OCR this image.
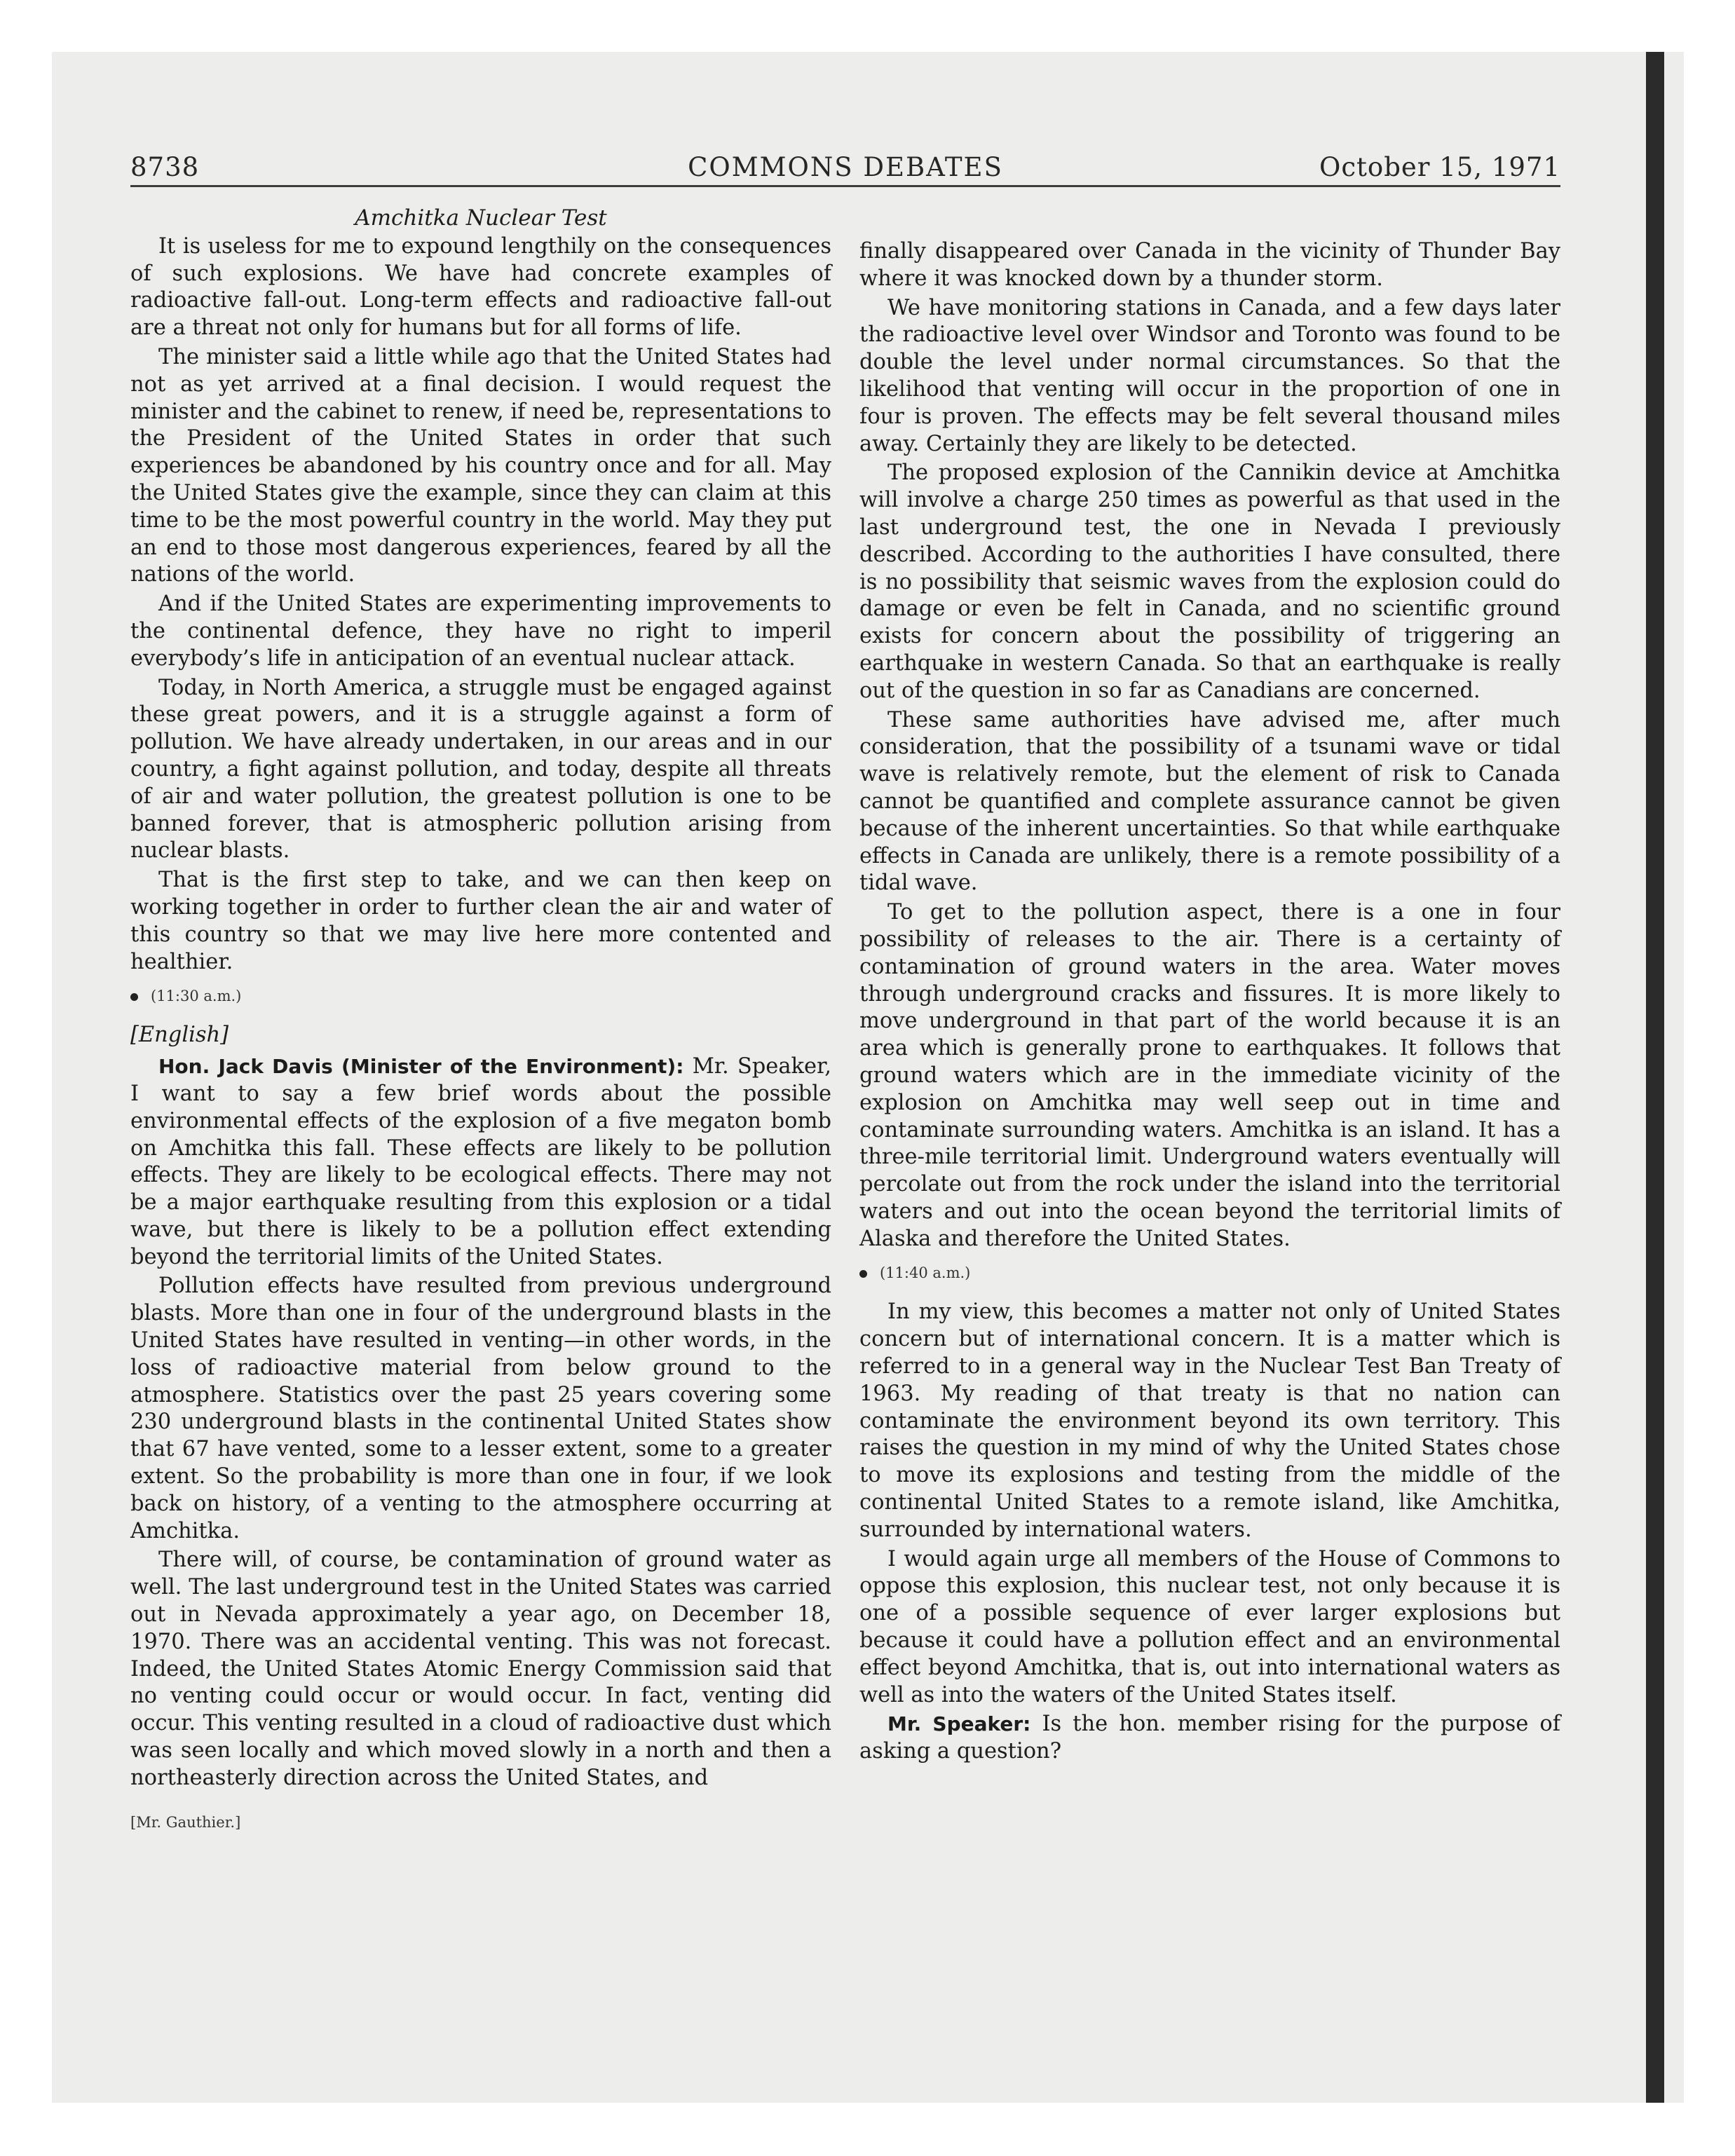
8738	COMMONS DEBATES	October 15, 1971

Amchitka Nuclear Test

It is useless for me to expound lengthily on the consequences of such explosions. We have had concrete examples of radioactive fall-out. Long-term effects and radioactive fall-out are a threat not only for humans but for all forms of life.

The minister said a little while ago that the United States had not as yet arrived at a final decision. I would request the minister and the cabinet to renew, if need be, representations to the President of the United States in order that such experiences be abandoned by his country once and for all. May the United States give the example, since they can claim at this time to be the most powerful country in the world. May they put an end to those most dangerous experiences, feared by all the nations of the world.

And if the United States are experimenting improvements to the continental defence, they have no right to imperil everybody’s life in anticipation of an eventual nuclear attack.

Today, in North America, a struggle must be engaged against these great powers, and it is a struggle against a form of pollution. We have already undertaken, in our areas and in our country, a fight against pollution, and today, despite all threats of air and water pollution, the greatest pollution is one to be banned forever, that is atmospheric pollution arising from nuclear blasts.

That is the first step to take, and we can then keep on working together in order to further clean the air and water of this country so that we may live here more contented and healthier.

(11:30 a.m.)

[English]

Hon. Jack Davis (Minister of the Environment): Mr. Speaker, I want to say a few brief words about the possible environmental effects of the explosion of a five megaton bomb on Amchitka this fall. These effects are likely to be pollution effects. They are likely to be ecological effects. There may not be a major earthquake resulting from this explosion or a tidal wave, but there is likely to be a pollution effect extending beyond the territorial limits of the United States.

Pollution effects have resulted from previous underground blasts. More than one in four of the underground blasts in the United States have resulted in venting—in other words, in the loss of radioactive material from below ground to the atmosphere. Statistics over the past 25 years covering some 230 underground blasts in the continental United States show that 67 have vented, some to a lesser extent, some to a greater extent. So the probability is more than one in four, if we look back on history, of a venting to the atmosphere occurring at Amchitka.

There will, of course, be contamination of ground water as well. The last underground test in the United States was carried out in Nevada approximately a year ago, on December 18, 1970. There was an accidental venting. This was not forecast. Indeed, the United States Atomic Energy Commission said that no venting could occur or would occur. In fact, venting did occur. This venting resulted in a cloud of radioactive dust which was seen locally and which moved slowly in a north and then a northeasterly direction across the United States, and

[Mr. Gauthier.]

finally disappeared over Canada in the vicinity of Thunder Bay where it was knocked down by a thunder storm.

We have monitoring stations in Canada, and a few days later the radioactive level over Windsor and Toronto was found to be double the level under normal circumstances. So that the likelihood that venting will occur in the proportion of one in four is proven. The effects may be felt several thousand miles away. Certainly they are likely to be detected.

The proposed explosion of the Cannikin device at Amchitka will involve a charge 250 times as powerful as that used in the last underground test, the one in Nevada I previously described. According to the authorities I have consulted, there is no possibility that seismic waves from the explosion could do damage or even be felt in Canada, and no scientific ground exists for concern about the possibility of triggering an earthquake in western Canada. So that an earthquake is really out of the question in so far as Canadians are concerned.

These same authorities have advised me, after much consideration, that the possibility of a tsunami wave or tidal wave is relatively remote, but the element of risk to Canada cannot be quantified and complete assurance cannot be given because of the inherent uncertainties. So that while earthquake effects in Canada are unlikely, there is a remote possibility of a tidal wave.

To get to the pollution aspect, there is a one in four possibility of releases to the air. There is a certainty of contamination of ground waters in the area. Water moves through underground cracks and fissures. It is more likely to move underground in that part of the world because it is an area which is generally prone to earthquakes. It follows that ground waters which are in the immediate vicinity of the explosion on Amchitka may well seep out in time and contaminate surrounding waters. Amchitka is an island. It has a three-mile territorial limit. Underground waters eventually will percolate out from the rock under the island into the territorial waters and out into the ocean beyond the territorial limits of Alaska and therefore the United States.

(11:40 a.m.)

In my view, this becomes a matter not only of United States concern but of international concern. It is a matter which is referred to in a general way in the Nuclear Test Ban Treaty of 1963. My reading of that treaty is that no nation can contaminate the environment beyond its own territory. This raises the question in my mind of why the United States chose to move its explosions and testing from the middle of the continental United States to a remote island, like Amchitka, surrounded by international waters.

I would again urge all members of the House of Commons to oppose this explosion, this nuclear test, not only because it is one of a possible sequence of ever larger explosions but because it could have a pollution effect and an environmental effect beyond Amchitka, that is, out into international waters as well as into the waters of the United States itself.

Mr. Speaker: Is the hon. member rising for the purpose of asking a question?
